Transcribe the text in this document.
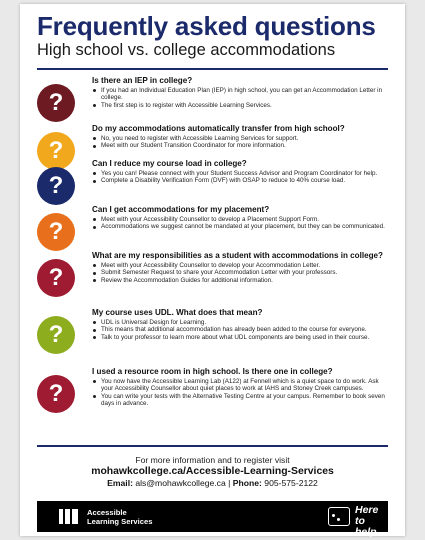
Frequently asked questions
High school vs. college accommodations
?
Is there an IEP in college?
If you had an Individual Education Plan (IEP) in high school, you can get an Accommodation Letter in college.
The first step is to register with Accessible Learning Services.
?
Do my accommodations automatically transfer from high school?
No, you need to register with Accessible Learning Services for support.
Meet with our Student Transition Coordinator for more information.
?
Can I reduce my course load in college?
Yes you can! Please connect with your Student Success Advisor and Program Coordinator for help.
Complete a Disability Verification Form (DVF) with OSAP to reduce to 40% course load.
?
Can I get accommodations for my placement?
Meet with your Accessibility Counsellor to develop a Placement Support Form.
Accommodations we suggest cannot be mandated at your placement, but they can be communicated.
?
What are my responsibilities as a student with accommodations in college?
Meet with your Accessibility Counsellor to develop your Accommodation Letter.
Submit Semester Request to share your Accommodation Letter with your professors.
Review the Accommodation Guides for additional information.
?
My course uses UDL. What does that mean?
UDL is Universal Design for Learning.
This means that additional accommodation has already been added to the course for everyone.
Talk to your professor to learn more about what UDL components are being used in their course.
?
I used a resource room in high school. Is there one in college?
You now have the Accessible Learning Lab (A122) at Fennell which is a quiet space to do work. Ask your Accessibility Counsellor about quiet places to work at IAHS and Stoney Creek campuses.
You can write your tests with the Alternative Testing Centre at your campus. Remember to book seven days in advance.
For more information and to register visit
mohawkcollege.ca/Accessible-Learning-Services
Email: als@mohawkcollege.ca | Phone: 905-575-2122
Accessible
Learning Services
Here
to help
